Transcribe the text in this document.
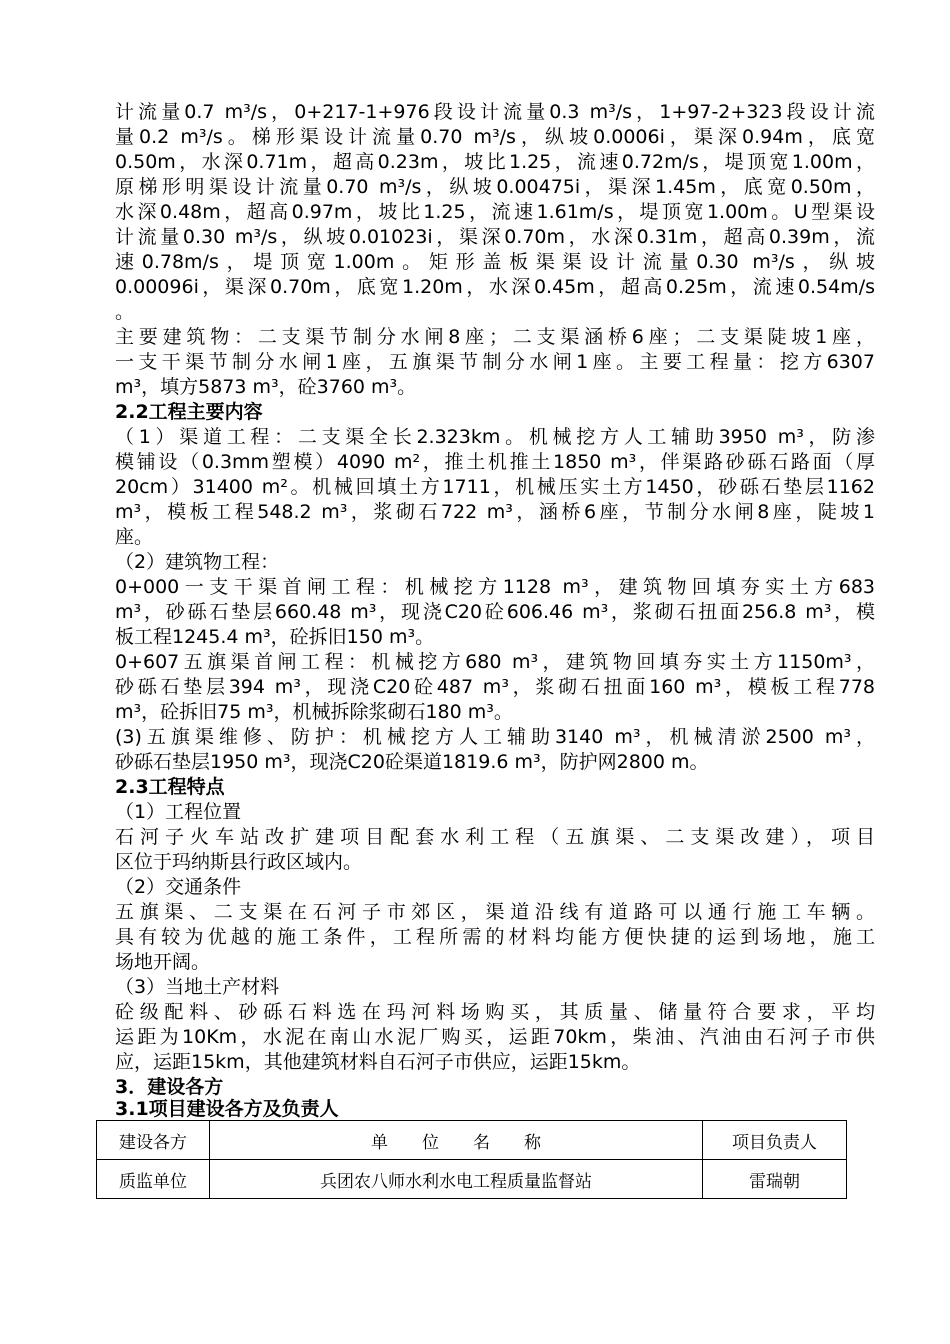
计流量0.7 m³/s，0+217-1+976段设计流量0.3 m³/s，1+97-2+323段设计流
量0.2 m³/s。梯形渠设计流量0.70 m³/s，纵坡0.0006i，渠深0.94m，底宽
0.50m，水深0.71m，超高0.23m，坡比1.25，流速0.72m/s，堤顶宽1.00m，
原梯形明渠设计流量0.70 m³/s，纵坡0.00475i，渠深1.45m，底宽0.50m，
水深0.48m，超高0.97m，坡比1.25，流速1.61m/s，堤顶宽1.00m。U型渠设
计流量0.30 m³/s，纵坡0.01023i，渠深0.70m，水深0.31m，超高0.39m，流
速0.78m/s，堤顶宽1.00m。矩形盖板渠渠设计流量0.30 m³/s，纵坡
0.00096i，渠深0.70m，底宽1.20m，水深0.45m，超高0.25m，流速0.54m/s
。
主要建筑物：二支渠节制分水闸8座；二支渠涵桥6座；二支渠陡坡1座，
一支干渠节制分水闸1座，五旗渠节制分水闸1座。主要工程量：挖方6307
m³，填方5873 m³，砼3760 m³。
2.2工程主要内容
（1）渠道工程：二支渠全长2.323km。机械挖方人工辅助3950 m³，防渗
模铺设（0.3mm塑模）4090 m²，推土机推土1850 m³，伴渠路砂砾石路面（厚
20cm）31400 m²。机械回填土方1711，机械压实土方1450，砂砾石垫层1162
m³，模板工程548.2 m³，浆砌石722 m³，涵桥6座，节制分水闸8座，陡坡1
座。
（2）建筑物工程：
0+000一支干渠首闸工程：机械挖方1128 m³，建筑物回填夯实土方683
m³，砂砾石垫层660.48 m³，现浇C20砼606.46 m³，浆砌石扭面256.8 m³，模
板工程1245.4 m³，砼拆旧150 m³。
0+607五旗渠首闸工程：机械挖方680 m³，建筑物回填夯实土方1150m³，
砂砾石垫层394 m³，现浇C20砼487 m³，浆砌石扭面160 m³，模板工程778
m³，砼拆旧75 m³，机械拆除浆砌石180 m³。
(3)五旗渠维修、防护：机械挖方人工辅助3140 m³，机械清淤2500 m³，
砂砾石垫层1950 m³，现浇C20砼渠道1819.6 m³，防护网2800 m。
2.3工程特点
（1）工程位置
石河子火车站改扩建项目配套水利工程（五旗渠、二支渠改建），项目
区位于玛纳斯县行政区域内。
（2）交通条件
五旗渠、二支渠在石河子市郊区，渠道沿线有道路可以通行施工车辆。
具有较为优越的施工条件，工程所需的材料均能方便快捷的运到场地，施工
场地开阔。
（3）当地土产材料
砼级配料、砂砾石料选在玛河料场购买，其质量、储量符合要求，平均
运距为10Km，水泥在南山水泥厂购买，运距70km，柴油、汽油由石河子市供
应，运距15km，其他建筑材料自石河子市供应，运距15km。
3．建设各方
3.1项目建设各方及负责人
建设各方	单　　位　　名　　称	项目负责人
质监单位	兵团农八师水利水电工程质量监督站	雷瑞朝
